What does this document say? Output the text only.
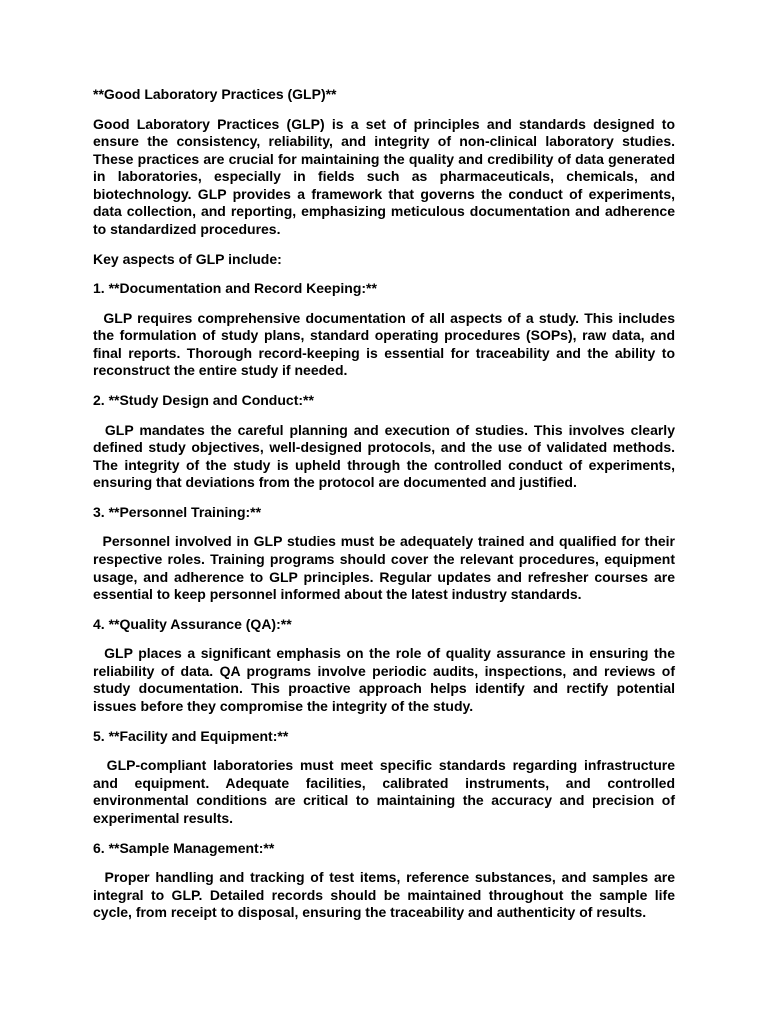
**Good Laboratory Practices (GLP)**

Good Laboratory Practices (GLP) is a set of principles and standards designed to ensure the consistency, reliability, and integrity of non-clinical laboratory studies. These practices are crucial for maintaining the quality and credibility of data generated in laboratories, especially in fields such as pharmaceuticals, chemicals, and biotechnology. GLP provides a framework that governs the conduct of experiments, data collection, and reporting, emphasizing meticulous documentation and adherence to standardized procedures.

Key aspects of GLP include:
1. **Documentation and Record Keeping:**

GLP requires comprehensive documentation of all aspects of a study. This includes the formulation of study plans, standard operating procedures (SOPs), raw data, and final reports. Thorough record-keeping is essential for traceability and the ability to reconstruct the entire study if needed.

2. **Study Design and Conduct:**

GLP mandates the careful planning and execution of studies. This involves clearly defined study objectives, well-designed protocols, and the use of validated methods. The integrity of the study is upheld through the controlled conduct of experiments, ensuring that deviations from the protocol are documented and justified.

3. **Personnel Training:**

Personnel involved in GLP studies must be adequately trained and qualified for their respective roles. Training programs should cover the relevant procedures, equipment usage, and adherence to GLP principles. Regular updates and refresher courses are essential to keep personnel informed about the latest industry standards.

4. **Quality Assurance (QA):**

GLP places a significant emphasis on the role of quality assurance in ensuring the reliability of data. QA programs involve periodic audits, inspections, and reviews of study documentation. This proactive approach helps identify and rectify potential issues before they compromise the integrity of the study.

5. **Facility and Equipment:**

GLP-compliant laboratories must meet specific standards regarding infrastructure and equipment. Adequate facilities, calibrated instruments, and controlled environmental conditions are critical to maintaining the accuracy and precision of experimental results.

6. **Sample Management:**

Proper handling and tracking of test items, reference substances, and samples are integral to GLP. Detailed records should be maintained throughout the sample life cycle, from receipt to disposal, ensuring the traceability and authenticity of results.
